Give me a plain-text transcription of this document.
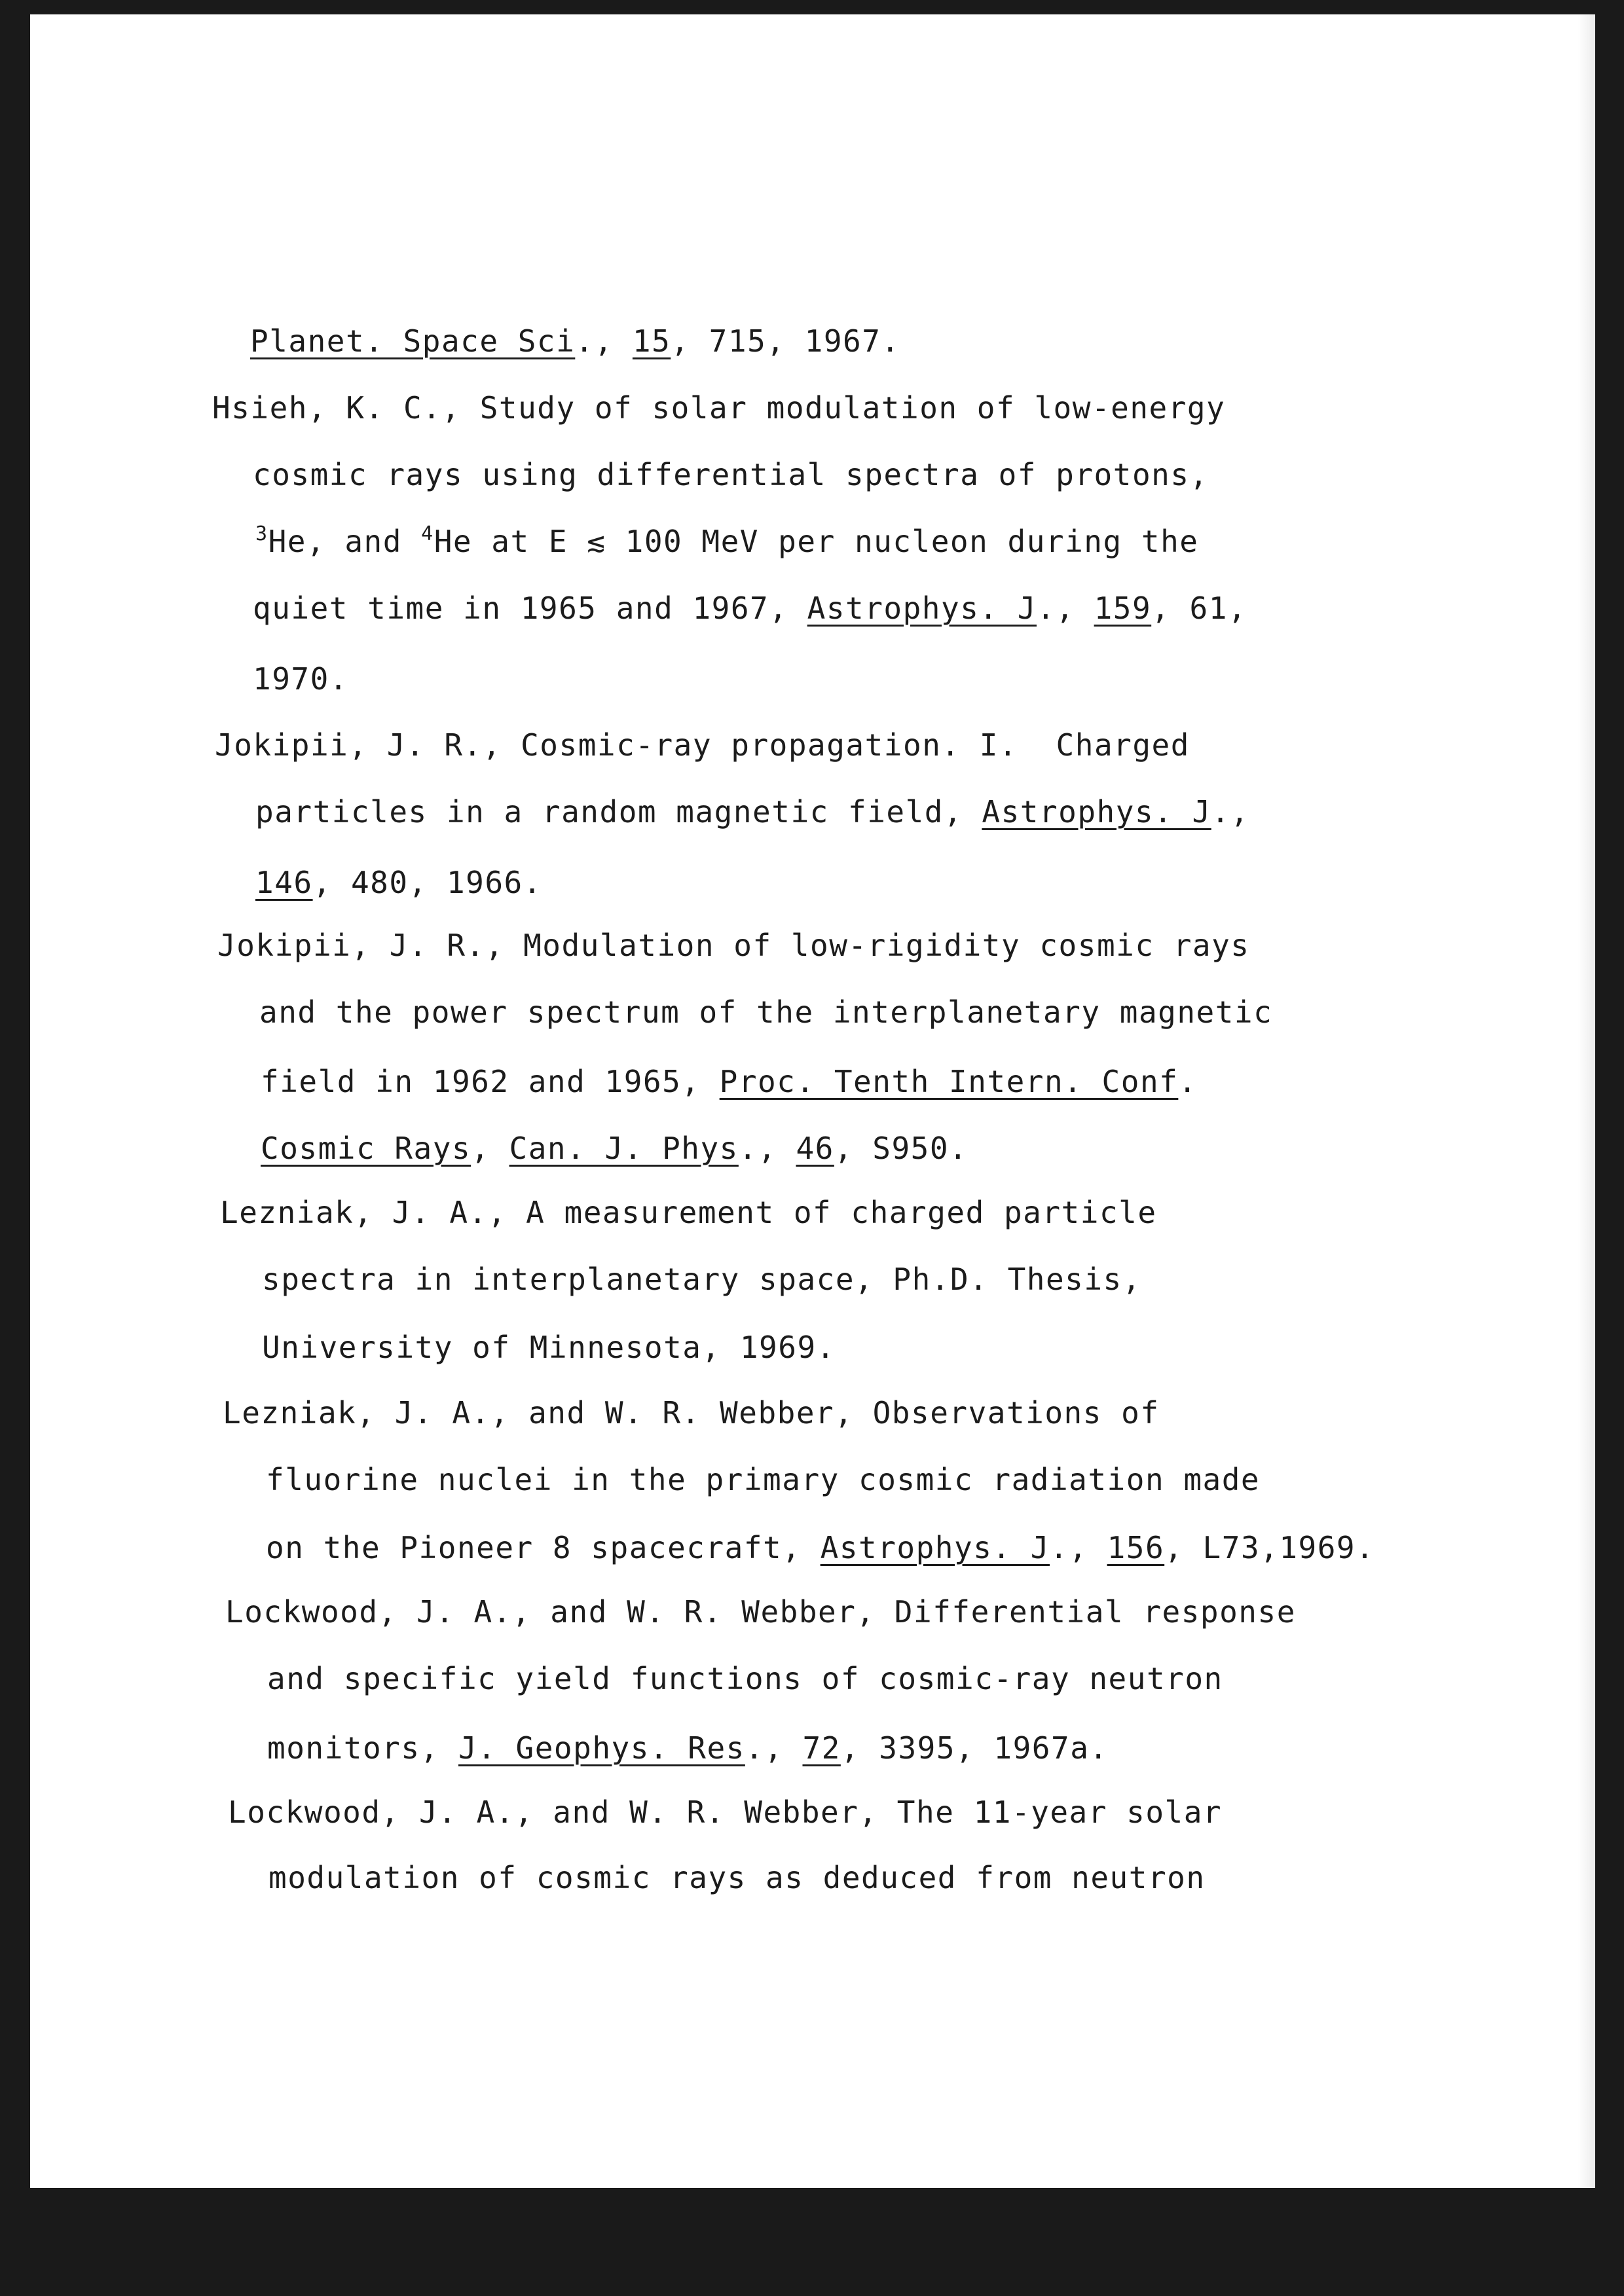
Planet. Space Sci., 15, 715, 1967.
Hsieh, K. C., Study of solar modulation of low-energy
cosmic rays using differential spectra of protons,
$^3$He, and $^4$He at E ≲ 100 MeV per nucleon during the
quiet time in 1965 and 1967, Astrophys. J., 159, 61,
1970.
Jokipii, J. R., Cosmic-ray propagation. I.  Charged
particles in a random magnetic field, Astrophys. J.,
146, 480, 1966.
Jokipii, J. R., Modulation of low-rigidity cosmic rays
and the power spectrum of the interplanetary magnetic
field in 1962 and 1965, Proc. Tenth Intern. Conf.
Cosmic Rays, Can. J. Phys., 46, S950.
Lezniak, J. A., A measurement of charged particle
spectra in interplanetary space, Ph.D. Thesis,
University of Minnesota, 1969.
Lezniak, J. A., and W. R. Webber, Observations of
fluorine nuclei in the primary cosmic radiation made
on the Pioneer 8 spacecraft, Astrophys. J., 156, L73,1969.
Lockwood, J. A., and W. R. Webber, Differential response
and specific yield functions of cosmic-ray neutron
monitors, J. Geophys. Res., 72, 3395, 1967a.
Lockwood, J. A., and W. R. Webber, The 11-year solar
modulation of cosmic rays as deduced from neutron
